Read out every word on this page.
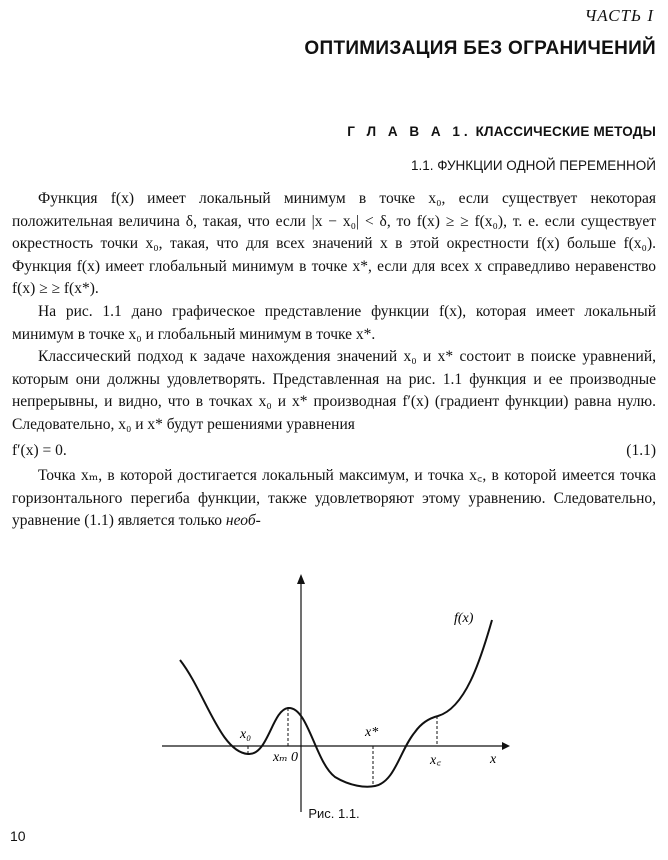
ЧАСТЬ I
ОПТИМИЗАЦИЯ БЕЗ ОГРАНИЧЕНИЙ
Г Л А В А 1. КЛАССИЧЕСКИЕ МЕТОДЫ
1.1. ФУНКЦИИ ОДНОЙ ПЕРЕМЕННОЙ

Функция f(x) имеет локальный минимум в точке x₀, если существует некоторая положительная величина δ, такая, что если |x − x₀| < δ, то f(x) ≥ ≥ f(x₀), т. е. если существует окрестность точки x₀, такая, что для всех значений x в этой окрестности f(x) больше f(x₀). Функция f(x) имеет глобальный минимум в точке x*, если для всех x справедливо неравенство f(x) ≥ ≥ f(x*).

На рис. 1.1 дано графическое представление функции f(x), которая имеет локальный минимум в точке x₀ и глобальный минимум в точке x*.

Классический подход к задаче нахождения значений x₀ и x* состоит в поиске уравнений, которым они должны удовлетворять. Представленная на рис. 1.1 функция и ее производные непрерывны, и видно, что в точках x₀ и x* производная f′(x) (градиент функции) равна нулю. Следовательно, x₀ и x* будут решениями уравнения

f′(x) = 0.	(1.1)

Точка xₘ, в которой достигается локальный максимум, и точка x꜀, в которой имеется точка горизонтального перегиба функции, также удовлетворяют этому уравнению. Следовательно, уравнение (1.1) является только необ-

f(x)
x₀	x*
xₘ 0	x꜀	x
Рис. 1.1.
10
